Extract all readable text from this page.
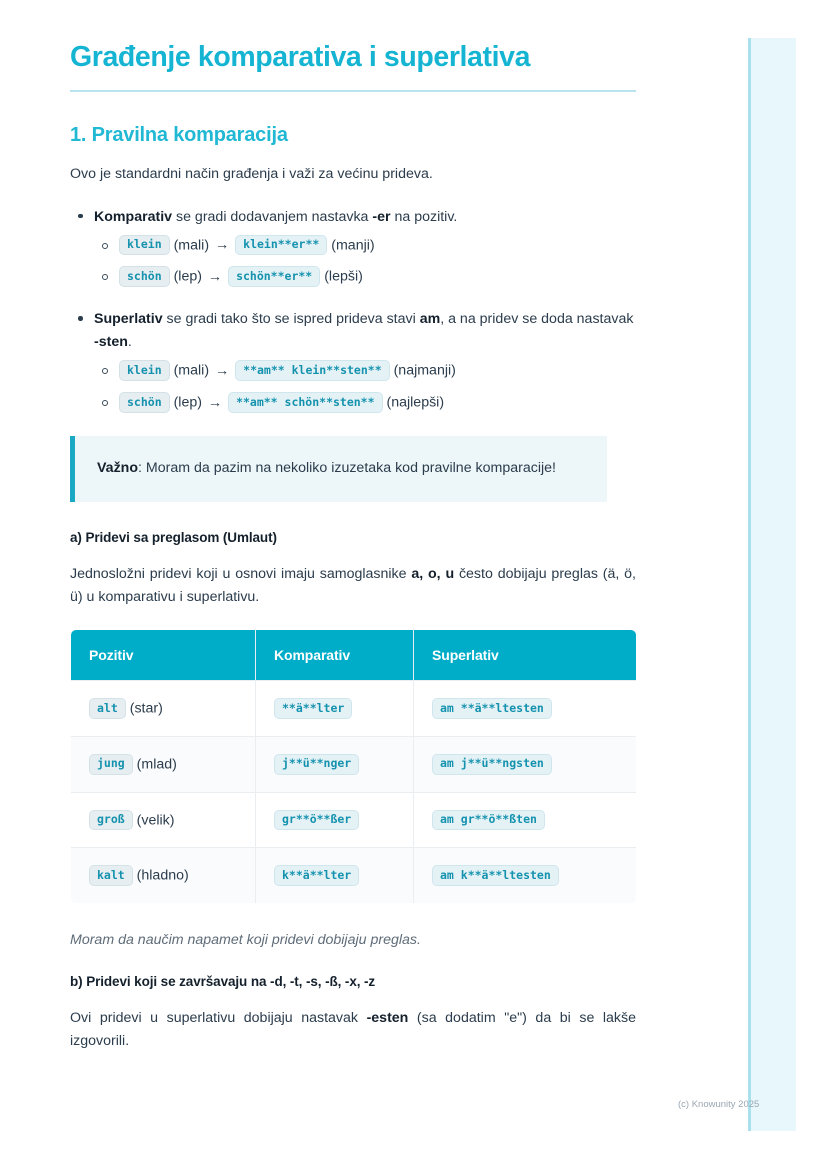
Građenje komparativa i superlativa
1. Pravilna komparacija

Ovo je standardni način građenja i važi za većinu prideva.

Komparativ se gradi dodavanjem nastavka -er na pozitiv.
klein (mali) → klein**er** (manji)
schön (lep) → schön**er** (lepši)
Superlativ se gradi tako što se ispred prideva stavi am, a na pridev se doda nastavak -sten.
klein (mali) → **am** klein**sten** (najmanji)
schön (lep) → **am** schön**sten** (najlepši)

Važno: Moram da pazim na nekoliko izuzetaka kod pravilne komparacije!

a) Pridevi sa preglasom (Umlaut)

Jednosložni pridevi koji u osnovi imaju samoglasnike a, o, u često dobijaju preglas (ä, ö, ü) u komparativu i superlativu.

Pozitiv	Komparativ	Superlativ
alt (star)	**ä**lter	am **ä**ltesten
jung (mlad)	j**ü**nger	am j**ü**ngsten
groß (velik)	gr**ö**ßer	am gr**ö**ßten
kalt (hladno)	k**ä**lter	am k**ä**ltesten

Moram da naučim napamet koji pridevi dobijaju preglas.

b) Pridevi koji se završavaju na -d, -t, -s, -ß, -x, -z

Ovi pridevi u superlativu dobijaju nastavak -esten (sa dodatim "e") da bi se lakše izgovorili.

(c) Knowunity 2025
